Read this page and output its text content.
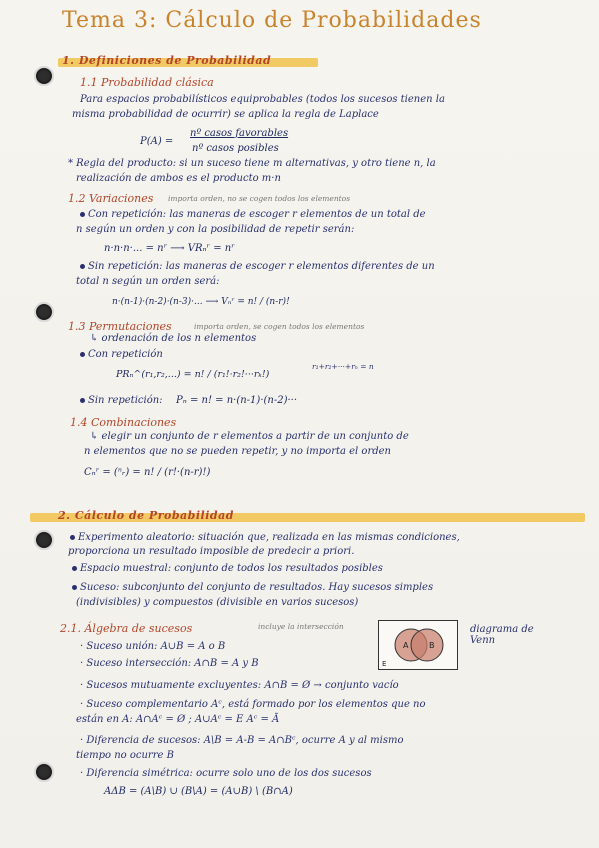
Tema 3: Cálculo de Probabilidades
1. Definiciones de Probabilidad
1.1 Probabilidad clásica
Para espacios probabilísticos equiprobables (todos los sucesos tienen la
misma probabilidad de ocurrir) se aplica la regla de Laplace
P(A) =
nº casos favorables
nº casos posibles
* Regla del producto: si un suceso tiene m alternativas, y otro tiene n, la
realización de ambos es el producto m·n
1.2 Variaciones importa orden, no se cogen todos los elementos
Con repetición: las maneras de escoger r elementos de un total de
n según un orden y con la posibilidad de repetir serán:
n·n·n·... = nʳ ⟶ VRₙʳ = nʳ
Sin repetición: las maneras de escoger r elementos diferentes de un
total n según un orden será:
n·(n-1)·(n-2)·(n-3)·... ⟶ Vₙʳ = n! / (n-r)!
1.3 Permutaciones	importa orden, se cogen todos los elementos
↳ ordenación de los n elementos
Con repetición
PRₙ^(r₁,r₂,...) = n! / (r₁!·r₂!···rₖ!)
r₁+r₂+···+rₙ = n
Sin repetición: Pₙ = n! = n·(n-1)·(n-2)···
1.4 Combinaciones
↳ elegir un conjunto de r elementos a partir de un conjunto de
n elementos que no se pueden repetir, y no importa el orden
Cₙʳ = (ⁿᵣ) = n! / (r!·(n-r)!)
2. Cálculo de Probabilidad
Experimento aleatorio: situación que, realizada en las mismas condiciones,
proporciona un resultado imposible de predecir a priori.
Espacio muestral: conjunto de todos los resultados posibles
Suceso: subconjunto del conjunto de resultados. Hay sucesos simples
(indivisibles) y compuestos (divisible en varios sucesos)
2.1. Álgebra de sucesos	incluye la intersección
A	B
E
diagrama de Venn
· Suceso unión: A∪B = A o B
· Suceso intersección: A∩B = A y B
· Sucesos mutuamente excluyentes: A∩B = Ø → conjunto vacío
· Suceso complementario Aᶜ, está formado por los elementos que no
están en A: A∩Aᶜ = Ø ; A∪Aᶜ = E Aᶜ = Ā
· Diferencia de sucesos: A\B = A-B = A∩Bᶜ, ocurre A y al mismo
tiempo no ocurre B
· Diferencia simétrica: ocurre solo uno de los dos sucesos
AΔB = (A\B) ∪ (B\A) = (A∪B) \ (B∩A)
